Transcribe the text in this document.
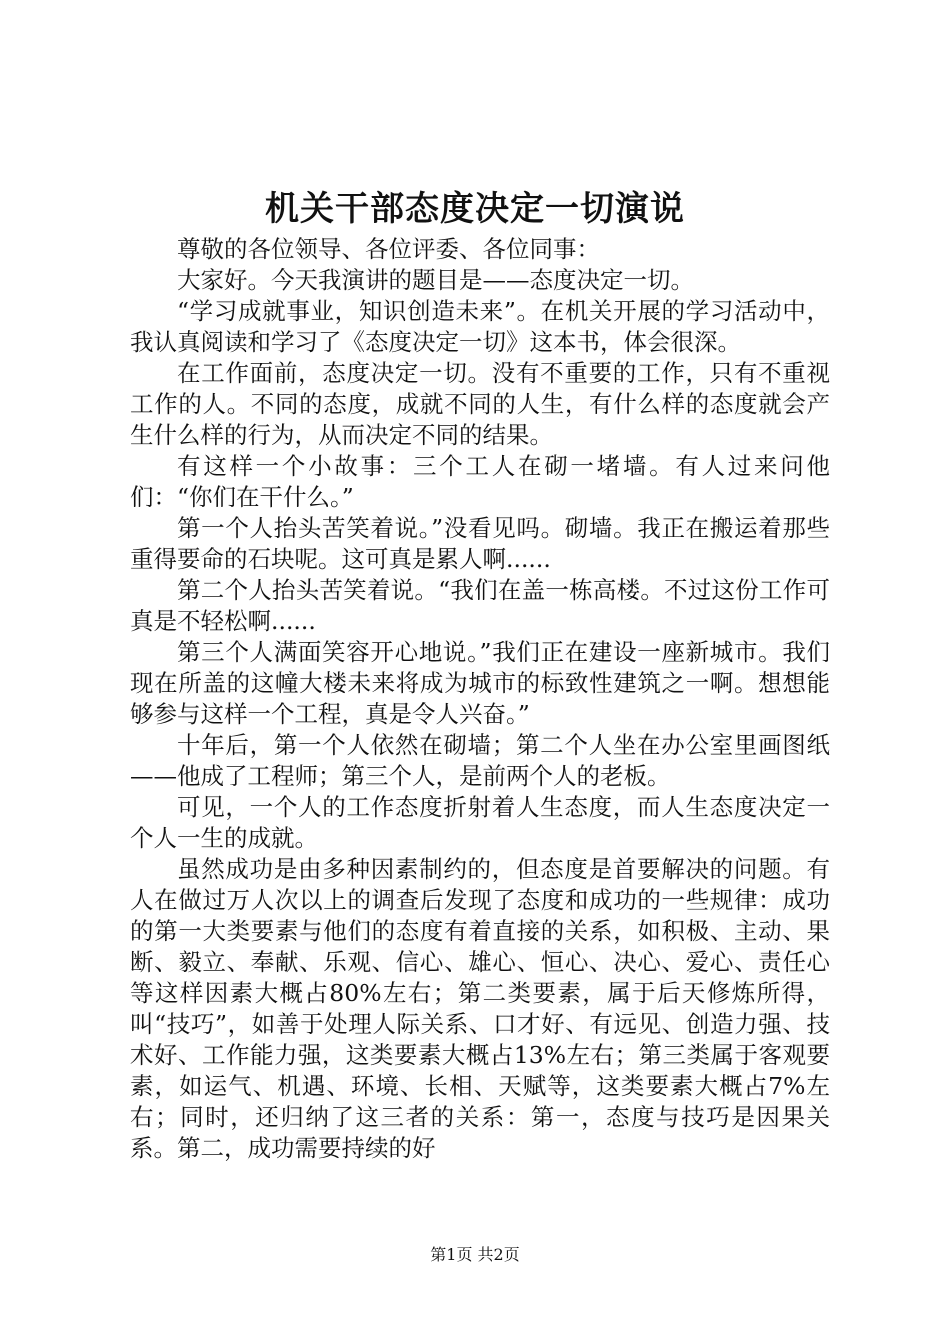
机关干部态度决定一切演说

尊敬的各位领导、各位评委、各位同事：

大家好。今天我演讲的题目是——态度决定一切。

“学习成就事业，知识创造未来”。在机关开展的学习活动中，我认真阅读和学习了《态度决定一切》这本书，体会很深。

在工作面前，态度决定一切。没有不重要的工作，只有不重视工作的人。不同的态度，成就不同的人生，有什么样的态度就会产生什么样的行为，从而决定不同的结果。

有这样一个小故事：三个工人在砌一堵墙。有人过来问他们：“你们在干什么。”

第一个人抬头苦笑着说。”没看见吗。砌墙。我正在搬运着那些重得要命的石块呢。这可真是累人啊......

第二个人抬头苦笑着说。“我们在盖一栋高楼。不过这份工作可真是不轻松啊......

第三个人满面笑容开心地说。”我们正在建设一座新城市。我们现在所盖的这幢大楼未来将成为城市的标致性建筑之一啊。想想能够参与这样一个工程，真是令人兴奋。”

十年后，第一个人依然在砌墙；第二个人坐在办公室里画图纸——他成了工程师；第三个人，是前两个人的老板。

可见，一个人的工作态度折射着人生态度，而人生态度决定一个人一生的成就。

虽然成功是由多种因素制约的，但态度是首要解决的问题。有人在做过万人次以上的调查后发现了态度和成功的一些规律：成功的第一大类要素与他们的态度有着直接的关系，如积极、主动、果断、毅立、奉献、乐观、信心、雄心、恒心、决心、爱心、责任心等这样因素大概占80%左右；第二类要素，属于后天修炼所得，叫“技巧”，如善于处理人际关系、口才好、有远见、创造力强、技术好、工作能力强，这类要素大概占13%左右；第三类属于客观要素，如运气、机遇、环境、长相、天赋等，这类要素大概占7%左右；同时，还归纳了这三者的关系：第一，态度与技巧是因果关系。第二，成功需要持续的好

第1页 共2页
